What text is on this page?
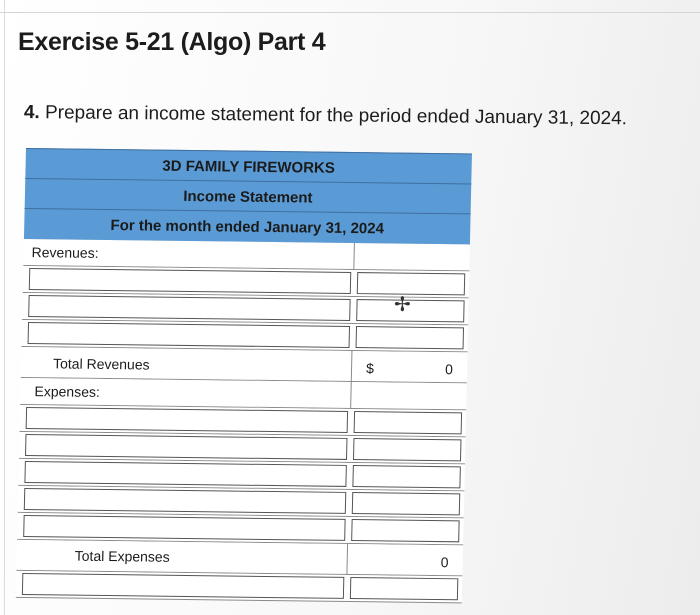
Exercise 5-21 (Algo) Part 4
4. Prepare an income statement for the period ended January 31, 2024.
3D FAMILY FIREWORKS
Income Statement
For the month ended January 31, 2024
Revenues:
Total Revenues	$	0
Expenses:
Total Expenses	0
✢
